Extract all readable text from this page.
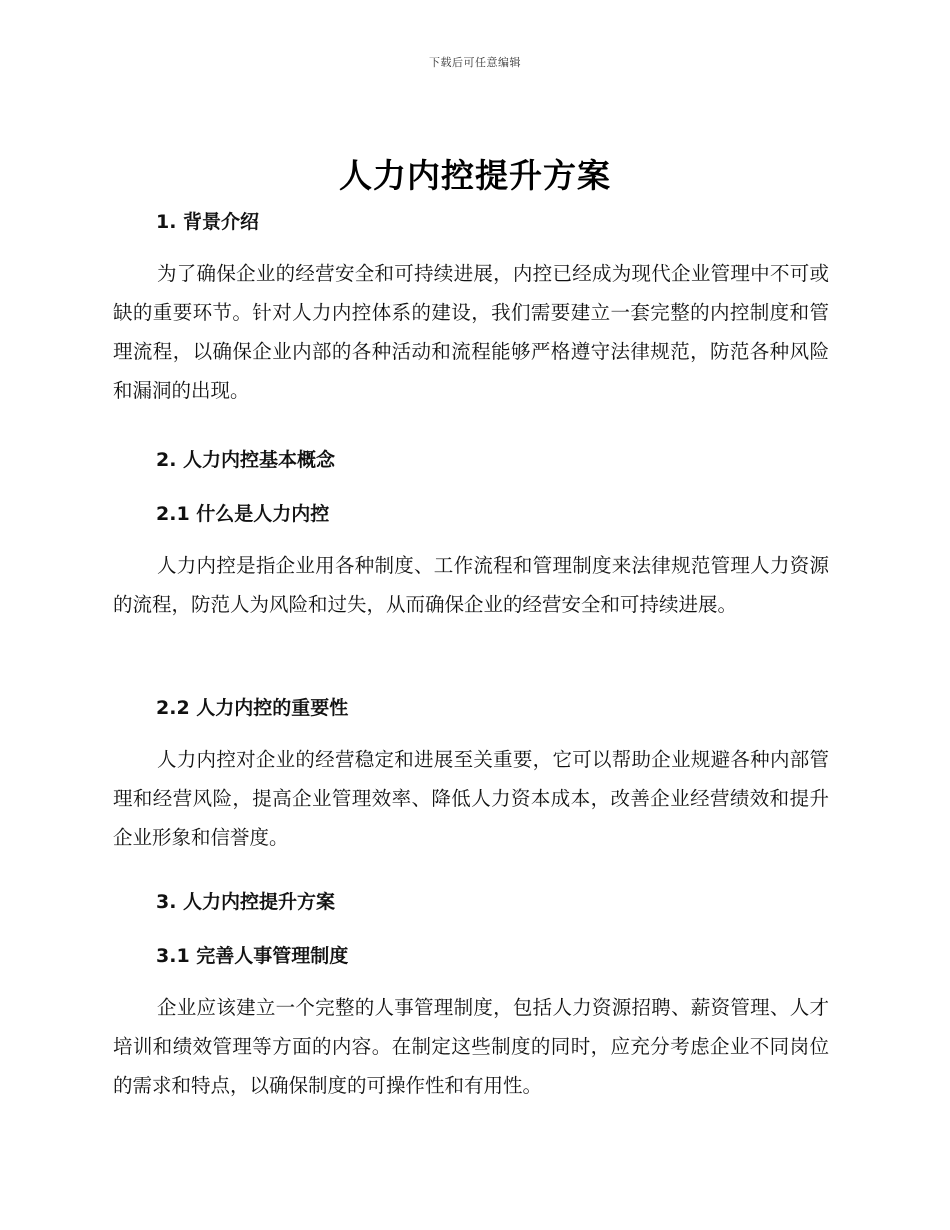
下载后可任意编辑
人力内控提升方案
1. 背景介绍

为了确保企业的经营安全和可持续进展，内控已经成为现代企业管理中不可或缺的重要环节。针对人力内控体系的建设，我们需要建立一套完整的内控制度和管理流程，以确保企业内部的各种活动和流程能够严格遵守法律规范，防范各种风险和漏洞的出现。

2. 人力内控基本概念
2.1 什么是人力内控

人力内控是指企业用各种制度、工作流程和管理制度来法律规范管理人力资源的流程，防范人为风险和过失，从而确保企业的经营安全和可持续进展。

2.2 人力内控的重要性

人力内控对企业的经营稳定和进展至关重要，它可以帮助企业规避各种内部管理和经营风险，提高企业管理效率、降低人力资本成本，改善企业经营绩效和提升企业形象和信誉度。

3. 人力内控提升方案
3.1 完善人事管理制度

企业应该建立一个完整的人事管理制度，包括人力资源招聘、薪资管理、人才培训和绩效管理等方面的内容。在制定这些制度的同时，应充分考虑企业不同岗位的需求和特点，以确保制度的可操作性和有用性。
